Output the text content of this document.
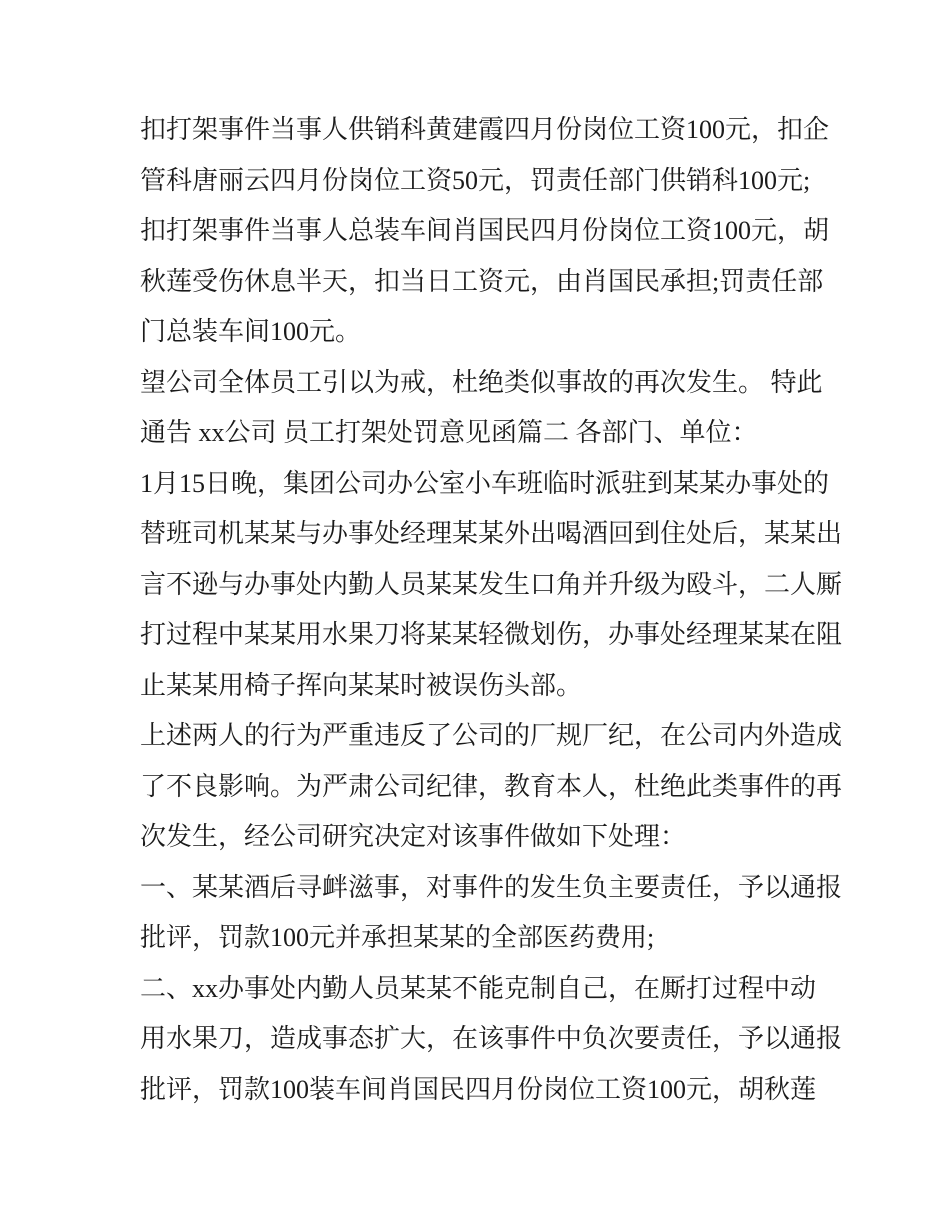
扣打架事件当事人供销科黄建霞四月份岗位工资100元，扣企
管科唐丽云四月份岗位工资50元，罚责任部门供销科100元;
扣打架事件当事人总装车间肖国民四月份岗位工资100元，胡
秋莲受伤休息半天，扣当日工资元，由肖国民承担;罚责任部
门总装车间100元。
望公司全体员工引以为戒，杜绝类似事故的再次发生。 特此
通告 xx公司 员工打架处罚意见函篇二 各部门、单位：
1月15日晚，集团公司办公室小车班临时派驻到某某办事处的
替班司机某某与办事处经理某某外出喝酒回到住处后，某某出
言不逊与办事处内勤人员某某发生口角并升级为殴斗，二人厮
打过程中某某用水果刀将某某轻微划伤，办事处经理某某在阻
止某某用椅子挥向某某时被误伤头部。
上述两人的行为严重违反了公司的厂规厂纪，在公司内外造成
了不良影响。为严肃公司纪律，教育本人，杜绝此类事件的再
次发生，经公司研究决定对该事件做如下处理：
一、某某酒后寻衅滋事，对事件的发生负主要责任，予以通报
批评，罚款100元并承担某某的全部医药费用;
二、xx办事处内勤人员某某不能克制自己，在厮打过程中动
用水果刀，造成事态扩大，在该事件中负次要责任，予以通报
批评，罚款100装车间肖国民四月份岗位工资100元，胡秋莲
